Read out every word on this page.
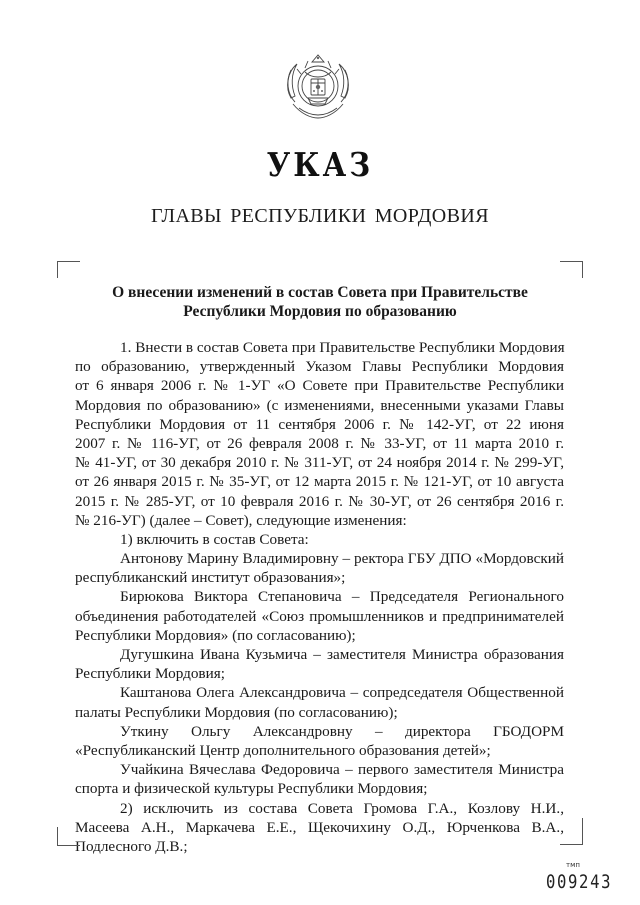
УКАЗ
ГЛАВЫ РЕСПУБЛИКИ МОРДОВИЯ
О внесении изменений в состав Совета при Правительстве
Республики Мордовия по образованию
1. Внести в состав Совета при Правительстве Республики Мордовия
по образованию, утвержденный Указом Главы Республики Мордовия
от 6 января 2006 г. № 1-УГ «О Совете при Правительстве Республики
Мордовия по образованию» (с изменениями, внесенными указами Главы
Республики Мордовия от 11 сентября 2006 г. № 142-УГ, от 22 июня
2007 г. № 116-УГ, от 26 февраля 2008 г. № 33-УГ, от 11 марта 2010 г.
№ 41-УГ, от 30 декабря 2010 г. № 311-УГ, от 24 ноября 2014 г. № 299-УГ,
от 26 января 2015 г. № 35-УГ, от 12 марта 2015 г. № 121-УГ, от 10 августа
2015 г. № 285-УГ, от 10 февраля 2016 г. № 30-УГ, от 26 сентября 2016 г.
№ 216-УГ) (далее – Совет), следующие изменения:
1) включить в состав Совета:
Антонову Марину Владимировну – ректора ГБУ ДПО «Мордовский
республиканский институт образования»;
Бирюкова Виктора Степановича – Председателя Регионального
объединения работодателей «Союз промышленников и предпринимателей
Республики Мордовия» (по согласованию);
Дугушкина Ивана Кузьмича – заместителя Министра образования
Республики Мордовия;
Каштанова Олега Александровича – сопредседателя Общественной
палаты Республики Мордовия (по согласованию);
Уткину Ольгу Александровну – директора ГБОДОРМ
«Республиканский Центр дополнительного образования детей»;
Учайкина Вячеслава Федоровича – первого заместителя Министра
спорта и физической культуры Республики Мордовия;
2) исключить из состава Совета Громова Г.А., Козлову Н.И.,
Масеева А.Н., Маркачева Е.Е., Щекочихину О.Д., Юрченкова В.А.,
Подлесного Д.В.;
тмп
009243
